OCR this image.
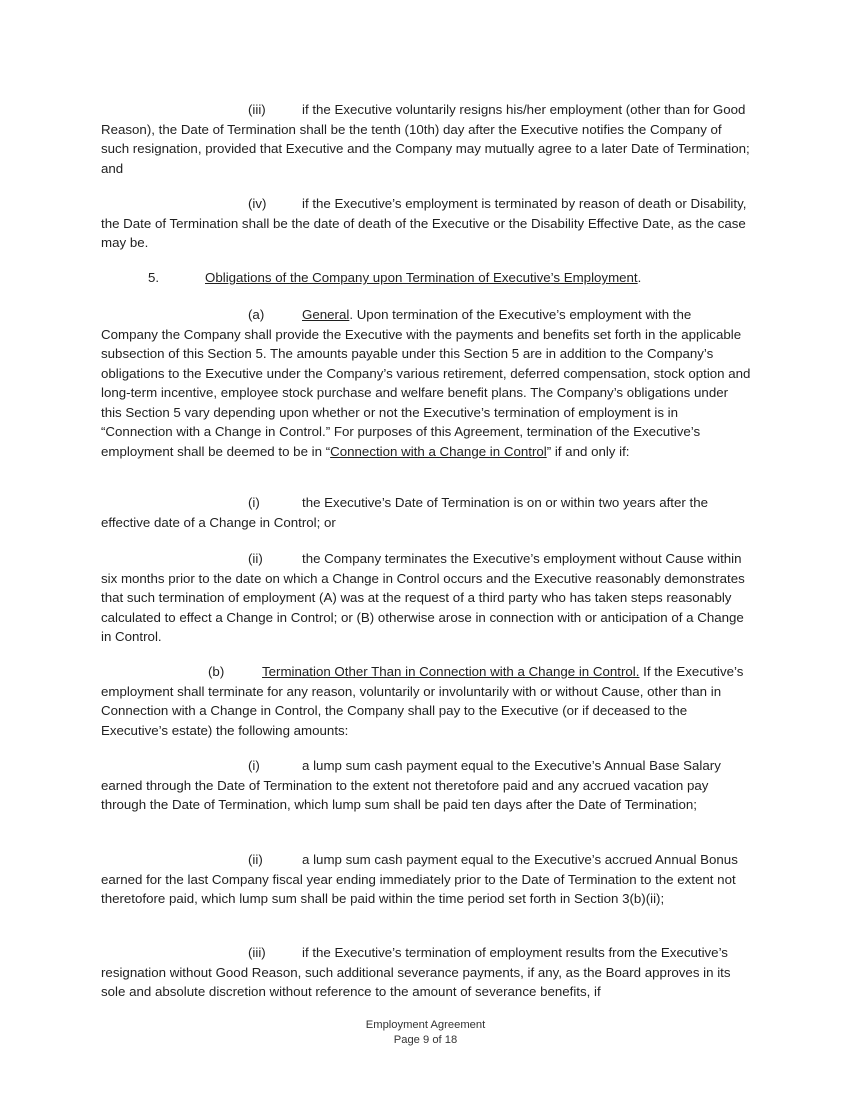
(iii)	if the Executive voluntarily resigns his/her employment (other than for Good Reason), the Date of Termination shall be the tenth (10th) day after the Executive notifies the Company of such resignation, provided that Executive and the Company may mutually agree to a later Date of Termination; and
(iv)	if the Executive’s employment is terminated by reason of death or Disability, the Date of Termination shall be the date of death of the Executive or the Disability Effective Date, as the case may be.
5.	Obligations of the Company upon Termination of Executive’s Employment.
(a)	General. Upon termination of the Executive’s employment with the Company the Company shall provide the Executive with the payments and benefits set forth in the applicable subsection of this Section 5. The amounts payable under this Section 5 are in addition to the Company’s obligations to the Executive under the Company’s various retirement, deferred compensation, stock option and long-term incentive, employee stock purchase and welfare benefit plans. The Company’s obligations under this Section 5 vary depending upon whether or not the Executive’s termination of employment is in “Connection with a Change in Control.” For purposes of this Agreement, termination of the Executive’s employment shall be deemed to be in “Connection with a Change in Control” if and only if:
(i)	the Executive’s Date of Termination is on or within two years after the effective date of a Change in Control; or
(ii)	the Company terminates the Executive’s employment without Cause within six months prior to the date on which a Change in Control occurs and the Executive reasonably demonstrates that such termination of employment (A) was at the request of a third party who has taken steps reasonably calculated to effect a Change in Control; or (B) otherwise arose in connection with or anticipation of a Change in Control.
(b)	Termination Other Than in Connection with a Change in Control. If the Executive’s employment shall terminate for any reason, voluntarily or involuntarily with or without Cause, other than in Connection with a Change in Control, the Company shall pay to the Executive (or if deceased to the Executive’s estate) the following amounts:
(i)	a lump sum cash payment equal to the Executive’s Annual Base Salary earned through the Date of Termination to the extent not theretofore paid and any accrued vacation pay through the Date of Termination, which lump sum shall be paid ten days after the Date of Termination;
(ii)	a lump sum cash payment equal to the Executive’s accrued Annual Bonus earned for the last Company fiscal year ending immediately prior to the Date of Termination to the extent not theretofore paid, which lump sum shall be paid within the time period set forth in Section 3(b)(ii);
(iii)	if the Executive’s termination of employment results from the Executive’s resignation without Good Reason, such additional severance payments, if any, as the Board approves in its sole and absolute discretion without reference to the amount of severance benefits, if
Employment Agreement
Page 9 of 18
